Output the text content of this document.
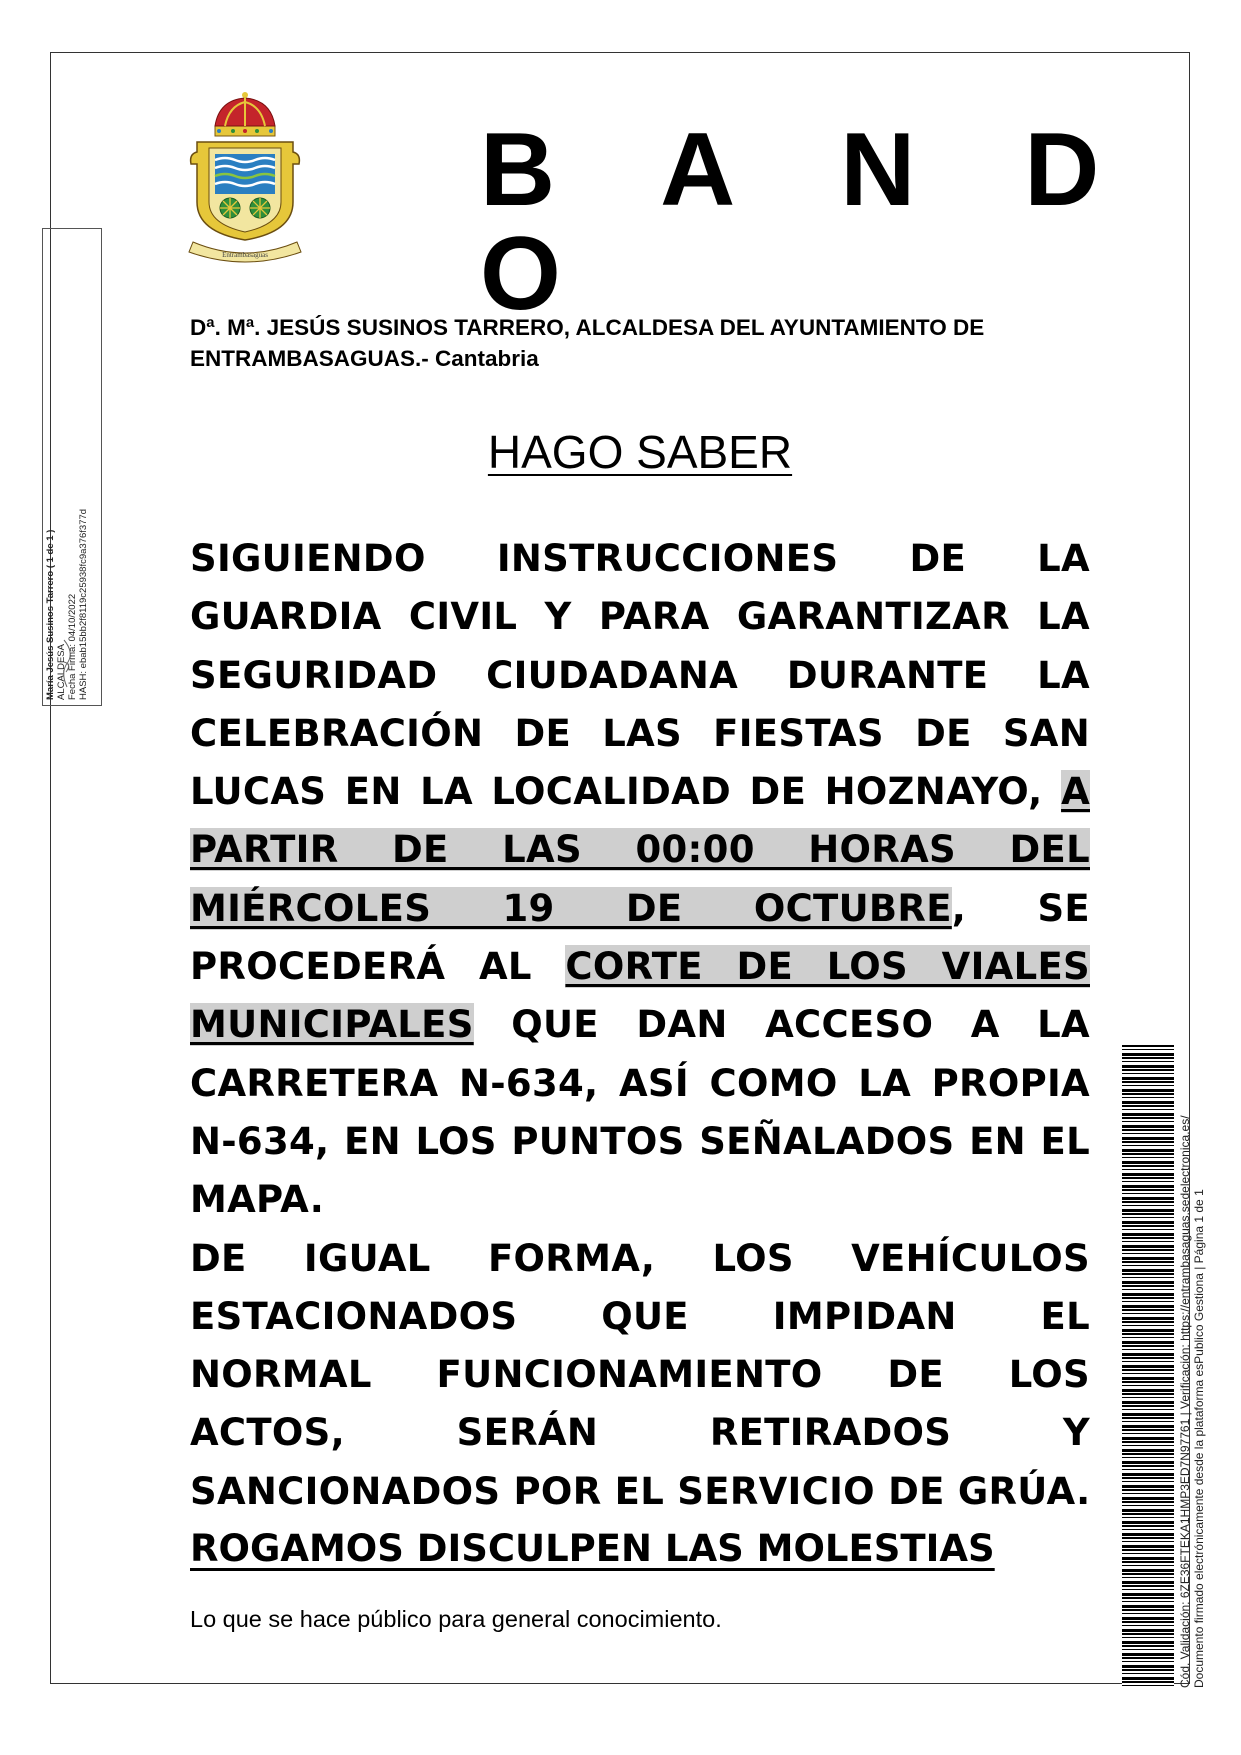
Entrambasaguas
B A N D O
Dª. Mª. JESÚS SUSINOS TARRERO, ALCALDESA DEL AYUNTAMIENTO DE
ENTRAMBASAGUAS.- Cantabria
HAGO SABER
SIGUIENDO INSTRUCCIONES DE LA
GUARDIA CIVIL Y PARA GARANTIZAR LA
SEGURIDAD CIUDADANA DURANTE LA
CELEBRACIÓN DE LAS FIESTAS DE SAN
LUCAS EN LA LOCALIDAD DE HOZNAYO, A
PARTIR DE LAS 00:00 HORAS DEL
MIÉRCOLES 19 DE OCTUBRE, SE
PROCEDERÁ AL CORTE DE LOS VIALES
MUNICIPALES QUE DAN ACCESO A LA
CARRETERA N-634, ASÍ COMO LA PROPIA
N-634, EN LOS PUNTOS SEÑALADOS EN EL
MAPA.
DE IGUAL FORMA, LOS VEHÍCULOS
ESTACIONADOS QUE IMPIDAN EL
NORMAL FUNCIONAMIENTO DE LOS
ACTOS, SERÁN RETIRADOS Y
SANCIONADOS POR EL SERVICIO DE GRÚA.
ROGAMOS DISCULPEN LAS MOLESTIAS
Lo que se hace público para general conocimiento.
María Jesús Susinos Tarrero ( 1 de 1 ) ALCALDESA Fecha Firma: 04/10/2022 HASH: ebab15bb2f8119c25938fc9a376f377d
Cód. Validación: 6ZE36FTEKA1HMP3ED7N97761 | Verificación: https://entrambasaguas.sedelectronica.es/ Documento firmado electrónicamente desde la plataforma esPublico Gestiona | Página 1 de 1
